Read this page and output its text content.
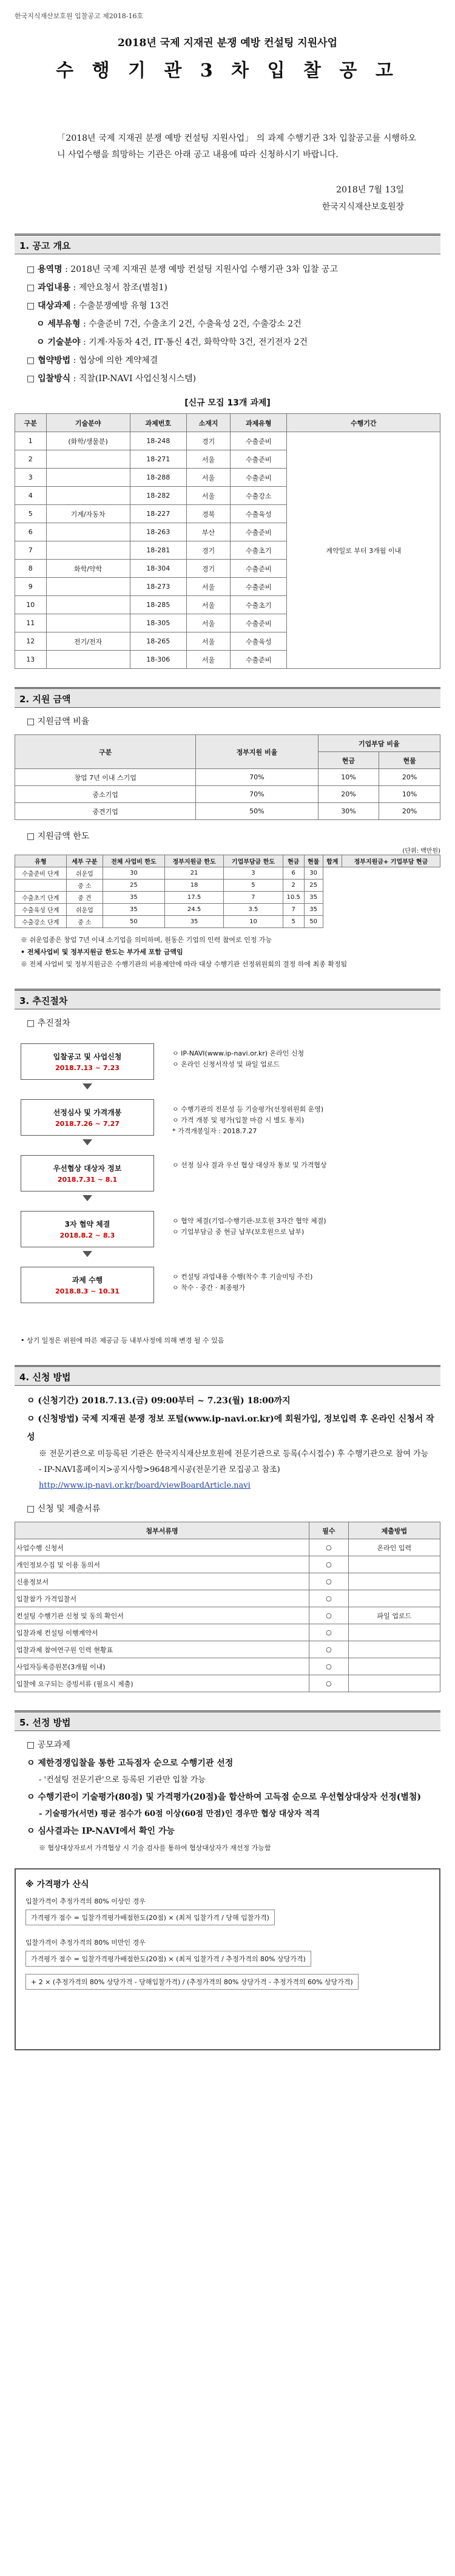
한국지식재산보호원 입찰공고 제2018-16호
2018년 국제 지재권 분쟁 예방 컨설팅 지원사업
수 행 기 관 3 차 입 찰 공 고

「2018년 국제 지재권 분쟁 예방 컨설팅 지원사업」 의 과제 수행기관 3차 입찰공고를 시행하오니 사업수행을 희망하는 기관은 아래 공고 내용에 따라 신청하시기 바랍니다.

2018년 7월 13일
한국지식재산보호원장
1. 공고 개요
□ 용역명 : 2018년 국제 지재권 분쟁 예방 컨설팅 지원사업 수행기관 3차 입찰 공고
□ 과업내용 : 제안요청서 참조(별첨1)
□ 대상과제 : 수출분쟁예방 유형 13건
ㅇ 세부유형 : 수출준비 7건, 수출초기 2건, 수출육성 2건, 수출강소 2건
ㅇ 기술분야 : 기계·자동차 4건, IT·통신 4건, 화학약학 3건, 전기전자 2건
□ 협약방법 : 협상에 의한 계약체결
□ 입찰방식 : 직찰(IP-NAVI 사업신청시스템)
[신규 모집 13개 과제]
구분	기술분야	과제번호	소재지	과제유형	수행기간
1	(화학/생물분)	18-248	경기	수출준비	계약일로 부터 3개월 이내
2		18-271	서울	수출준비	
3		18-288	서울	수출준비	
4		18-282	서울	수출강소	
5	기계/자동차	18-227	경북	수출육성	
6		18-263	부산	수출준비	
7		18-281	경기	수출초기	
8	화학/약학	18-304	경기	수출준비	
9		18-273	서울	수출준비	
10		18-285	서울	수출초기	
11		18-305	서울	수출준비	
12	전기/전자	18-265	서울	수출육성	
13		18-306	서울	수출준비	
2. 지원 금액
□ 지원금액 비율
구분	정부지원 비율	기업부담 비율	
		현금	현물
창업 7년 이내 스기업	70%	10%	20%
중소기업	70%	20%	10%
중견기업	50%	30%	20%
□ 지원금액 한도
(단위: 백만원)
유형	세부 구분	전체 사업비 한도	정부지원금 한도	기업부담금 한도	현금	현물	합계	정부지원금+ 기업부담 현금
수출준비 단계	쉬운업	30	21	3	6	30		
	중 소	25	18	5	2	25		
수출초기 단계	중 견	35	17.5	7	10.5	35		
수출육성 단계	쉬운업	35	24.5	3.5	7	35		
수출강소 단계	중 소	50	35	10	5	50		
※ 쉬운업종은 창업 7년 이내 소기업을 의미하며, 원동은 기업의 인력 참여로 인정 가능
• 전체사업비 및 정부지원금 한도는 부가세 포함 금액임
※ 전체 사업비 및 정부지원금은 수행기관의 비용제안에 따라 대상 수행기관 선정위원회의 결정 하에 최종 확정됨
3. 추진절차
□ 추진절차
입찰공고 및 사업신청
2018.7.13 ~ 7.23
ㅇ IP-NAVI(www.ip-navi.or.kr) 온라인 신청
ㅇ 온라인 신청서작성 및 파일 업로드
선정심사 및 가격개봉
2018.7.26 ~ 7.27
ㅇ 수행기관의 전문성 등 기술평가(선정위원회 운영)
ㅇ 가격 개봉 및 평가(입찰 마감 시 별도 통지)
* 가격개봉일자 : 2018.7.27
우선협상 대상자 정보
2018.7.31 ~ 8.1
ㅇ 선정 심사 결과 우선 협상 대상자 통보 및 가격협상
3자 협약 체결
2018.8.2 ~ 8.3
ㅇ 협약 체결(기업-수행기관-보호원 3자간 협약 체결)
ㅇ 기업부담금 중 현금 납부(보호원으로 납부)
과제 수행
2018.8.3 ~ 10.31
ㅇ 컨설팅 과업내용 수행(착수 후 기술미팅 주진)
ㅇ 착수 · 중간 · 최종평가
• 상기 일정은 위원에 따른 제공금 등 내부사정에 의해 변경 될 수 있음
4. 신청 방법
ㅇ (신청기간) 2018.7.13.(금) 09:00부터 ~ 7.23(월) 18:00까지
ㅇ (신청방법) 국제 지재권 분쟁 정보 포털(www.ip-navi.or.kr)에 회원가입, 정보입력 후 온라인 신청서 작성
※ 전문기관으로 미등록된 기관은 한국지식재산보호원에 전문기관으로 등록(수시접수) 후 수행기관으로 참여 가능
- IP-NAVI홈페이지>공지사항>9648게시공(전문기관 모집공고 참조)
http://www.ip-navi.or.kr/board/viewBoardArticle.navi
□ 신청 및 제출서류
첨부서류명	필수	제출방법
사업수행 신청서	○	온라인 입력
개인정보수집 및 이용 동의서	○	
신용정보서	○	
입찰참가 가격입찰서	○	
컨설팅 수행기관 신청 및 동의 확인서	○	파일 업로드
입찰과제 컨설팅 이행계약서	○	
업찰과제 참여연구원 인력 현황표	○	
사업자등록증원본(3개월 이내)	○	
입찰에 요구되는 증빙서류 (필요시 제출)	○	
5. 선정 방법
□ 공모과제
ㅇ 제한경쟁입찰을 통한 고득점자 순으로 수행기관 선정
- '컨설팅 전문기관'으로 등록된 기관만 입찰 가능
ㅇ 수행기관이 기술평가(80점) 및 가격평가(20점)을 합산하여 고득점 순으로 우선협상대상자 선정(별첨)
- 기술평가(서면) 평균 점수가 60점 이상(60점 만점)인 경우만 협상 대상자 적격
ㅇ 심사결과는 IP-NAVI에서 확인 가능
※ 협상대상자로서 가격협상 시 기술 검사를 통하여 협상대상자가 재선정 가능함
※ 가격평가 산식
입찰가격이 추정가격의 80% 이상인 경우
가격평가 점수 = 입찰가격평가배점한도(20점) × (최저 입찰가격 / 당해 입찰가격)
입찰가격이 추정가격의 80% 미만인 경우
가격평가 점수 = 입찰가격평가배점한도(20점) × (최저 입찰가격 / 추정가격의 80% 상당가격) + 2 × (추정가격의 80% 상당가격 - 당해입찰가격) / (추정가격의 80% 상당가격 - 추정가격의 60% 상당가격)
